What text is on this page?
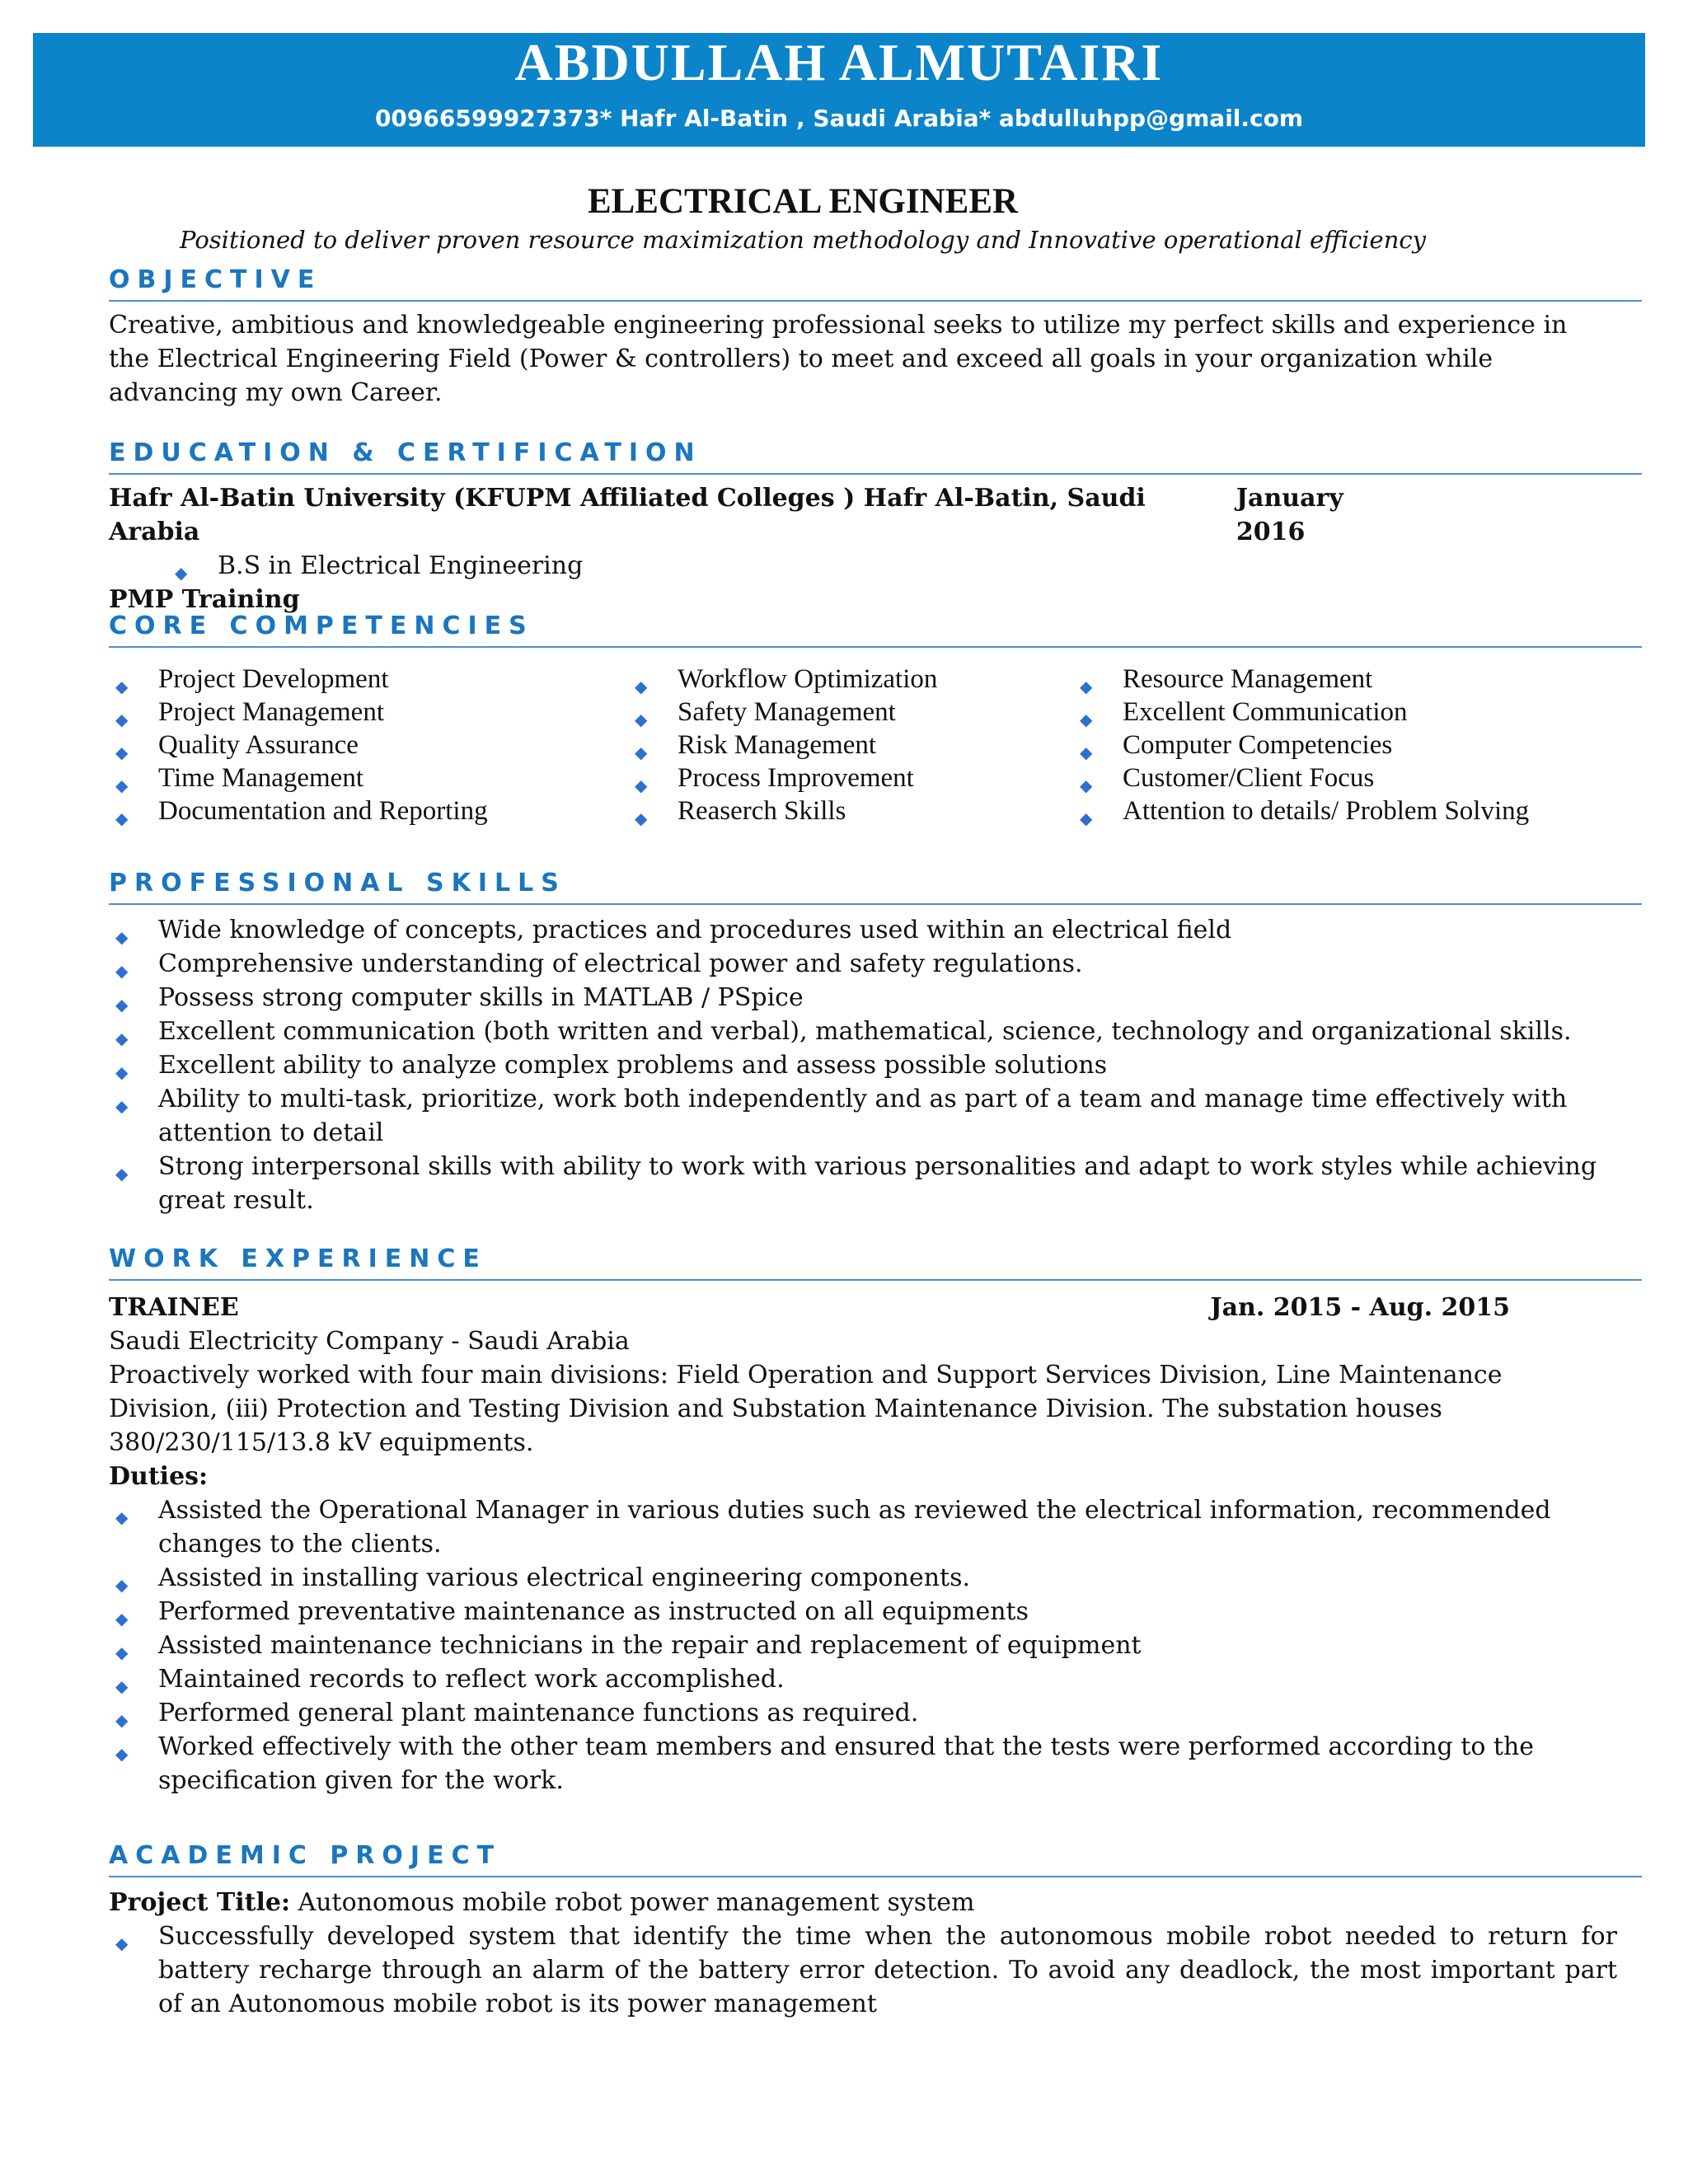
ABDULLAH ALMUTAIRI
00966599927373* Hafr Al-Batin , Saudi Arabia* abdulluhpp@gmail.com
ELECTRICAL ENGINEER
Positioned to deliver proven resource maximization methodology and Innovative operational efficiency
OBJECTIVE
Creative, ambitious and knowledgeable engineering professional seeks to utilize my perfect skills and experience in the Electrical Engineering Field (Power & controllers) to meet and exceed all goals in your organization while advancing my own Career.
EDUCATION & CERTIFICATION
Hafr Al-Batin University (KFUPM Affiliated Colleges ) Hafr Al-Batin, Saudi Arabia
January 2016
◆ B.S in Electrical Engineering
PMP Training
CORE COMPETENCIES
◆ Project Development
◆ Project Management
◆ Quality Assurance
◆ Time Management
◆ Documentation and Reporting
◆ Workflow Optimization
◆ Safety Management
◆ Risk Management
◆ Process Improvement
◆ Reaserch Skills
◆ Resource Management
◆ Excellent Communication
◆ Computer Competencies
◆ Customer/Client Focus
◆ Attention to details/ Problem Solving
PROFESSIONAL SKILLS
◆ Wide knowledge of concepts, practices and procedures used within an electrical field
◆ Comprehensive understanding of electrical power and safety regulations.
◆ Possess strong computer skills in MATLAB / PSpice
◆ Excellent communication (both written and verbal), mathematical, science, technology and organizational skills.
◆ Excellent ability to analyze complex problems and assess possible solutions
◆ Ability to multi-task, prioritize, work both independently and as part of a team and manage time effectively with attention to detail
◆ Strong interpersonal skills with ability to work with various personalities and adapt to work styles while achieving great result.
WORK EXPERIENCE
TRAINEE	Jan. 2015 - Aug. 2015
Saudi Electricity Company - Saudi Arabia
Proactively worked with four main divisions: Field Operation and Support Services Division, Line Maintenance Division, (iii) Protection and Testing Division and Substation Maintenance Division. The substation houses 380/230/115/13.8 kV equipments.
Duties:
◆ Assisted the Operational Manager in various duties such as reviewed the electrical information, recommended changes to the clients.
◆ Assisted in installing various electrical engineering components.
◆ Performed preventative maintenance as instructed on all equipments
◆ Assisted maintenance technicians in the repair and replacement of equipment
◆ Maintained records to reflect work accomplished.
◆ Performed general plant maintenance functions as required.
◆ Worked effectively with the other team members and ensured that the tests were performed according to the specification given for the work.
ACADEMIC PROJECT
Project Title: Autonomous mobile robot power management system
◆ Successfully developed system that identify the time when the autonomous mobile robot needed to return for battery recharge through an alarm of the battery error detection. To avoid any deadlock, the most important part of an Autonomous mobile robot is its power management
